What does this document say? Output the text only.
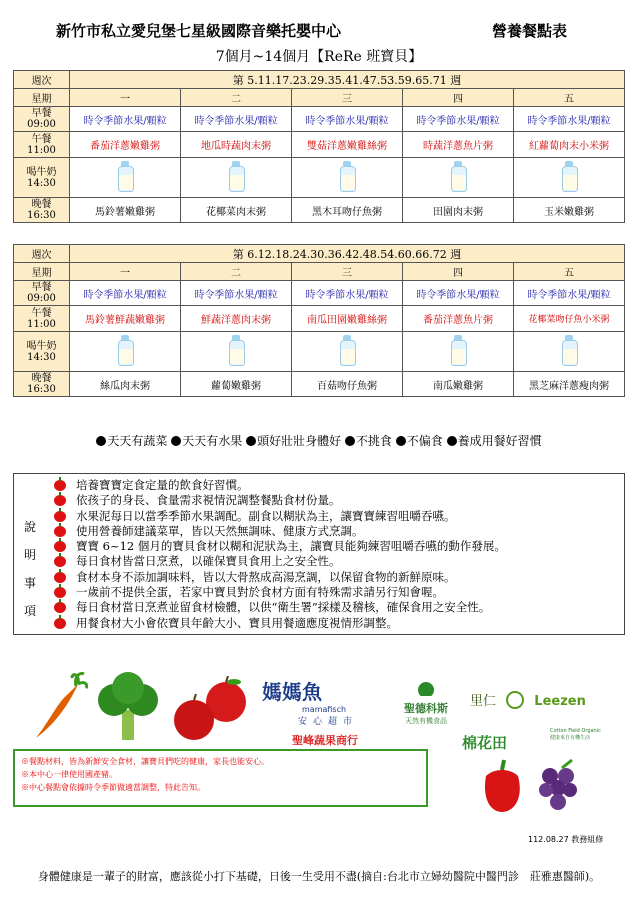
新竹市私立愛兒堡七星級國際音樂托嬰中心	營養餐點表
7個月~14個月【ReRe 班寶貝】
週次	第 5.11.17.23.29.35.41.47.53.59.65.71 週				
星期	一	二	三	四	五
早餐
09:00	時令季節水果/顆粒	時令季節水果/顆粒	時令季節水果/顆粒	時令季節水果/顆粒	時令季節水果/顆粒
午餐
11:00	番茄洋蔥嫩雞粥	地瓜時蔬肉末粥	雙菇洋蔥嫩雞絲粥	時蔬洋蔥魚片粥	紅蘿蔔肉末小米粥
喝牛奶
14:30	

晚餐
16:30	馬鈴薯嫩雞粥	花椰菜肉末粥	黑木耳吻仔魚粥	田園肉末粥	玉米嫩雞粥
週次	第 6.12.18.24.30.36.42.48.54.60.66.72 週				
星期	一	二	三	四	五
早餐
09:00	時令季節水果/顆粒	時令季節水果/顆粒	時令季節水果/顆粒	時令季節水果/顆粒	時令季節水果/顆粒
午餐
11:00	馬鈴薯鮮蔬嫩雞粥	鮮蔬洋蔥肉末粥	南瓜田園嫩雞絲粥	番茄洋蔥魚片粥	花椰菜吻仔魚小米粥
喝牛奶
14:30	

晚餐
16:30	絲瓜肉末粥	蘿蔔嫩雞粥	百菇吻仔魚粥	南瓜嫩雞粥	黑芝麻洋蔥瘦肉粥
天天有蔬菜 天天有水果 頭好壯壯身體好 不挑食 不偏食 養成用餐好習慣
說
明
事
項
培養寶寶定食定量的飲食好習慣。
依孩子的身長、食量需求視情況調整餐點食材份量。
水果泥每日以當季季節水果調配。副食以糊狀為主，讓寶寶練習咀嚼吞嚥。
使用營養師建議菜單，皆以天然無調味、健康方式烹調。
寶寶 6~12 個月的寶貝食材以糊和泥狀為主，讓寶貝能夠練習咀嚼吞嚥的動作發展。
每日食材皆當日烹煮，以確保寶貝食用上之安全性。
食材本身不添加調味料，皆以大骨熬成高湯烹調，以保留食物的新鮮原味。
一歲前不提供全蛋，若家中寶貝對於食材方面有特殊需求請另行知會喔。
每日食材當日烹煮並留食材檢體，以供“衛生署”採樣及稽核，確保食用之安全性。
用餐食材大小會依寶貝年齡大小、寶貝用餐適應度視情形調整。
媽媽魚
mamafisch
安心超市
聖德科斯
天然有機食品
聖峰蔬果商行
里仁	Leezen
棉花田
Cotton Field Organic
健康來自有機生活
※餐點材料，皆為新鮮安全食材，讓寶貝們吃的健康，家長也能安心。
※本中心一律使用國產豬。
※中心餐點會依據時令季節做適當調整，特此告知。
112.08.27 教務組修
身體健康是一輩子的財富，應該從小打下基礎，日後一生受用不盡(摘自:台北市立婦幼醫院中醫門診　莊雅惠醫師)。
